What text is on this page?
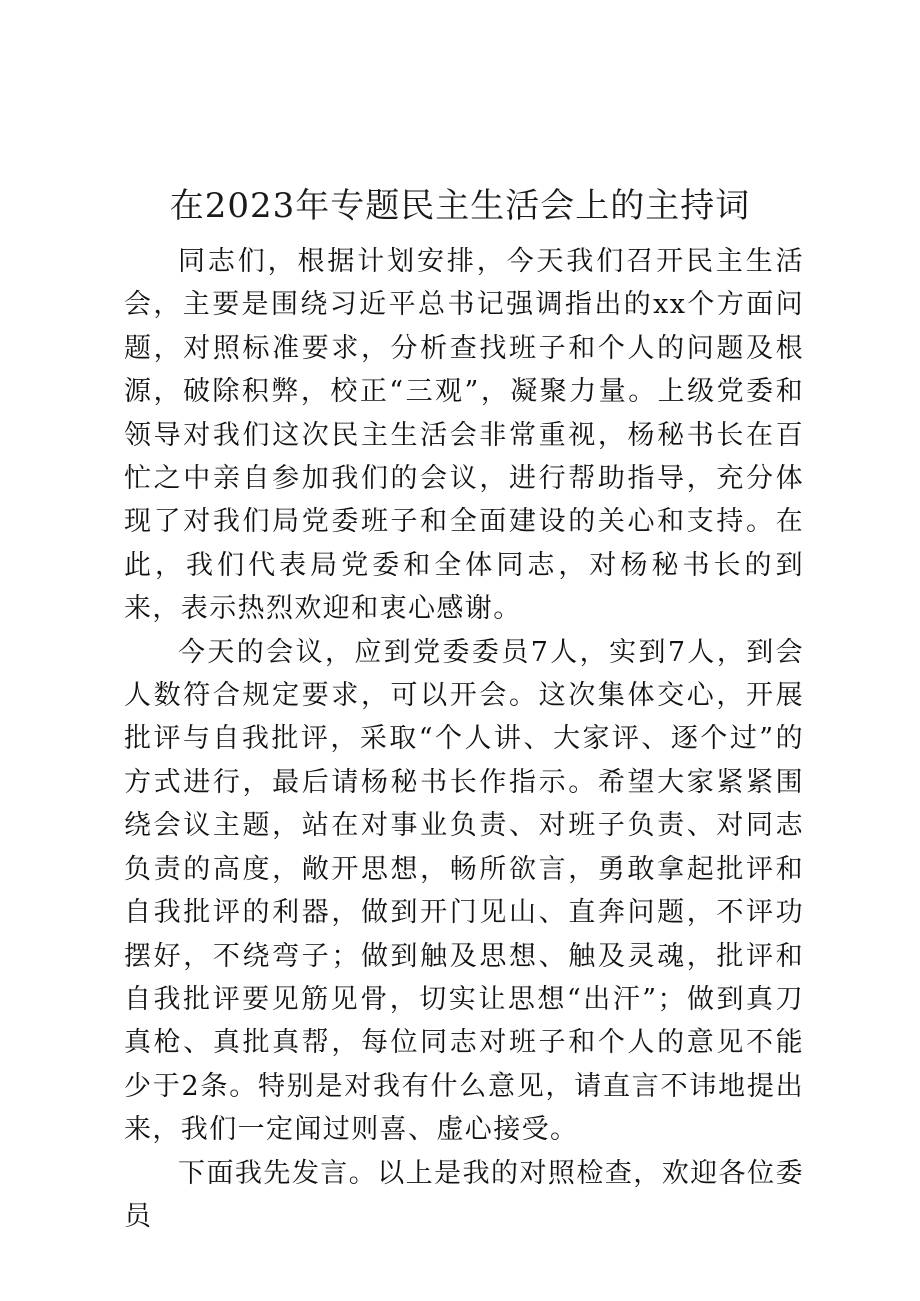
在2023年专题民主生活会上的主持词

同志们，根据计划安排，今天我们召开民主生活会，主要是围绕习近平总书记强调指出的xx个方面问题，对照标准要求，分析查找班子和个人的问题及根源，破除积弊，校正“三观”，凝聚力量。上级党委和领导对我们这次民主生活会非常重视，杨秘书长在百忙之中亲自参加我们的会议，进行帮助指导，充分体现了对我们局党委班子和全面建设的关心和支持。在此，我们代表局党委和全体同志，对杨秘书长的到来，表示热烈欢迎和衷心感谢。

今天的会议，应到党委委员7人，实到7人，到会人数符合规定要求，可以开会。这次集体交心，开展批评与自我批评，采取“个人讲、大家评、逐个过”的方式进行，最后请杨秘书长作指示。希望大家紧紧围绕会议主题，站在对事业负责、对班子负责、对同志负责的高度，敞开思想，畅所欲言，勇敢拿起批评和自我批评的利器，做到开门见山、直奔问题，不评功摆好，不绕弯子；做到触及思想、触及灵魂，批评和自我批评要见筋见骨，切实让思想“出汗”；做到真刀真枪、真批真帮，每位同志对班子和个人的意见不能少于2条。特别是对我有什么意见，请直言不讳地提出来，我们一定闻过则喜、虚心接受。

下面我先发言。以上是我的对照检查，欢迎各位委员
